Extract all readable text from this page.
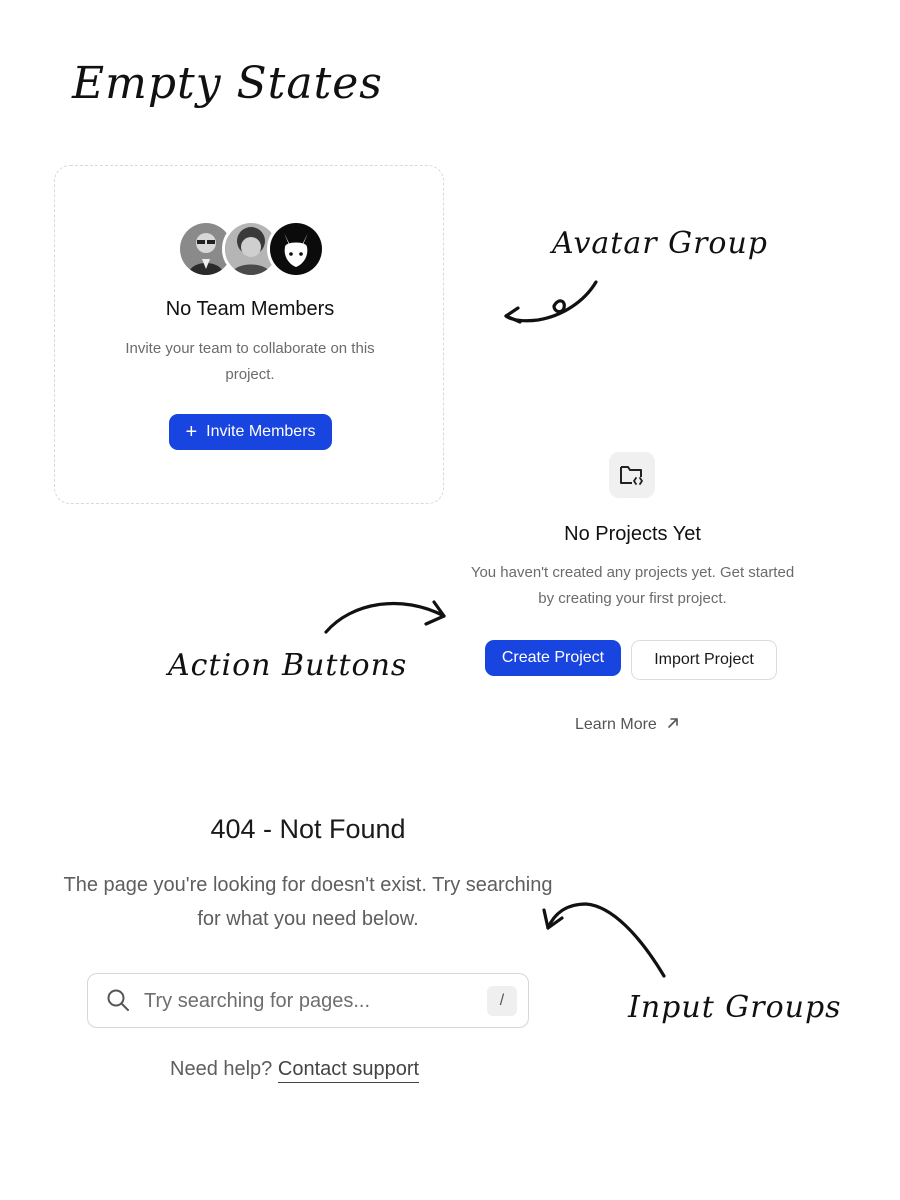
Empty States
Avatar Group
Action Buttons
Input Groups
No Team Members
Invite your team to collaborate on this project.
+ Invite Members
No Projects Yet
You haven't created any projects yet. Get started by creating your first project.
Create Project	Import Project
Learn More
404 - Not Found
The page you're looking for doesn't exist. Try searching for what you need below.
Try searching for pages...
/
Need help? Contact support
